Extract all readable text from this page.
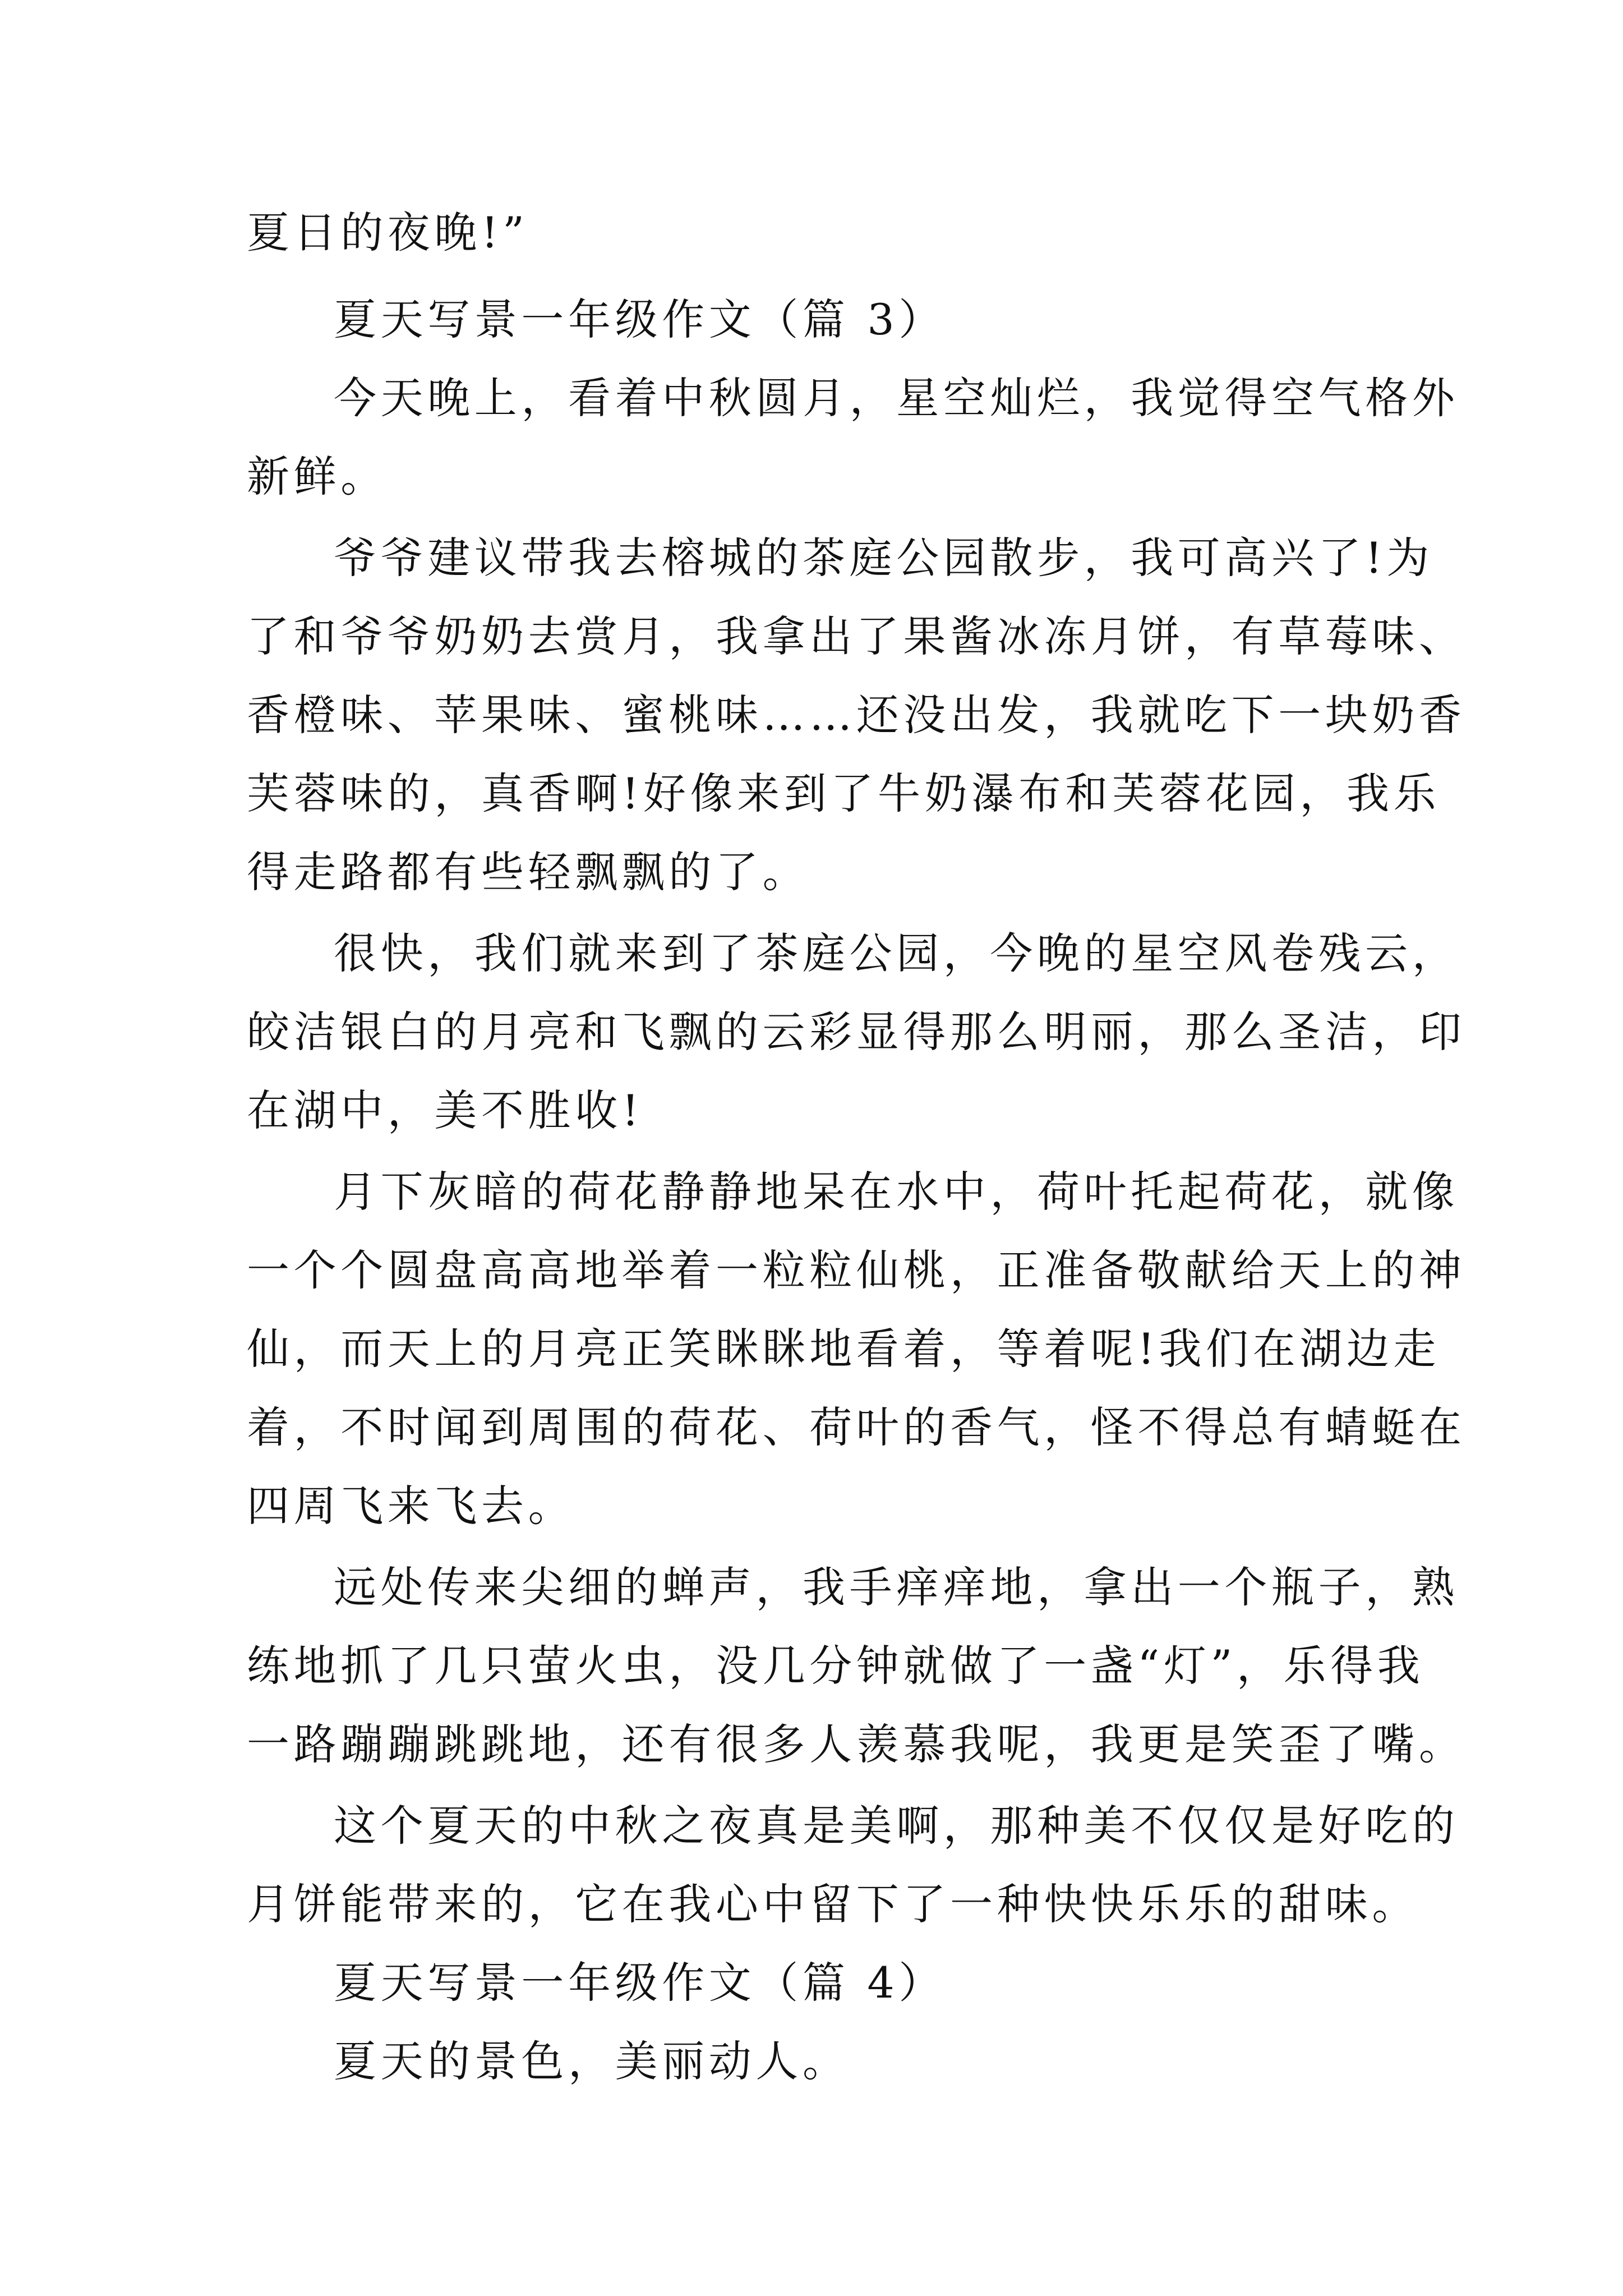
夏日的夜晚!”
夏天写景一年级作文（篇 3）
今天晚上，看着中秋圆月，星空灿烂，我觉得空气格外
新鲜。
爷爷建议带我去榕城的茶庭公园散步，我可高兴了!为
了和爷爷奶奶去赏月，我拿出了果酱冰冻月饼，有草莓味、
香橙味、苹果味、蜜桃味……还没出发，我就吃下一块奶香
芙蓉味的，真香啊!好像来到了牛奶瀑布和芙蓉花园，我乐
得走路都有些轻飘飘的了。
很快，我们就来到了茶庭公园，今晚的星空风卷残云，
皎洁银白的月亮和飞飘的云彩显得那么明丽，那么圣洁，印
在湖中，美不胜收!
月下灰暗的荷花静静地呆在水中，荷叶托起荷花，就像
一个个圆盘高高地举着一粒粒仙桃，正准备敬献给天上的神
仙，而天上的月亮正笑眯眯地看着，等着呢!我们在湖边走
着，不时闻到周围的荷花、荷叶的香气，怪不得总有蜻蜓在
四周飞来飞去。
远处传来尖细的蝉声，我手痒痒地，拿出一个瓶子，熟
练地抓了几只萤火虫，没几分钟就做了一盏“灯”，乐得我
一路蹦蹦跳跳地，还有很多人羡慕我呢，我更是笑歪了嘴。
这个夏天的中秋之夜真是美啊，那种美不仅仅是好吃的
月饼能带来的，它在我心中留下了一种快快乐乐的甜味。
夏天写景一年级作文（篇 4）
夏天的景色，美丽动人。
